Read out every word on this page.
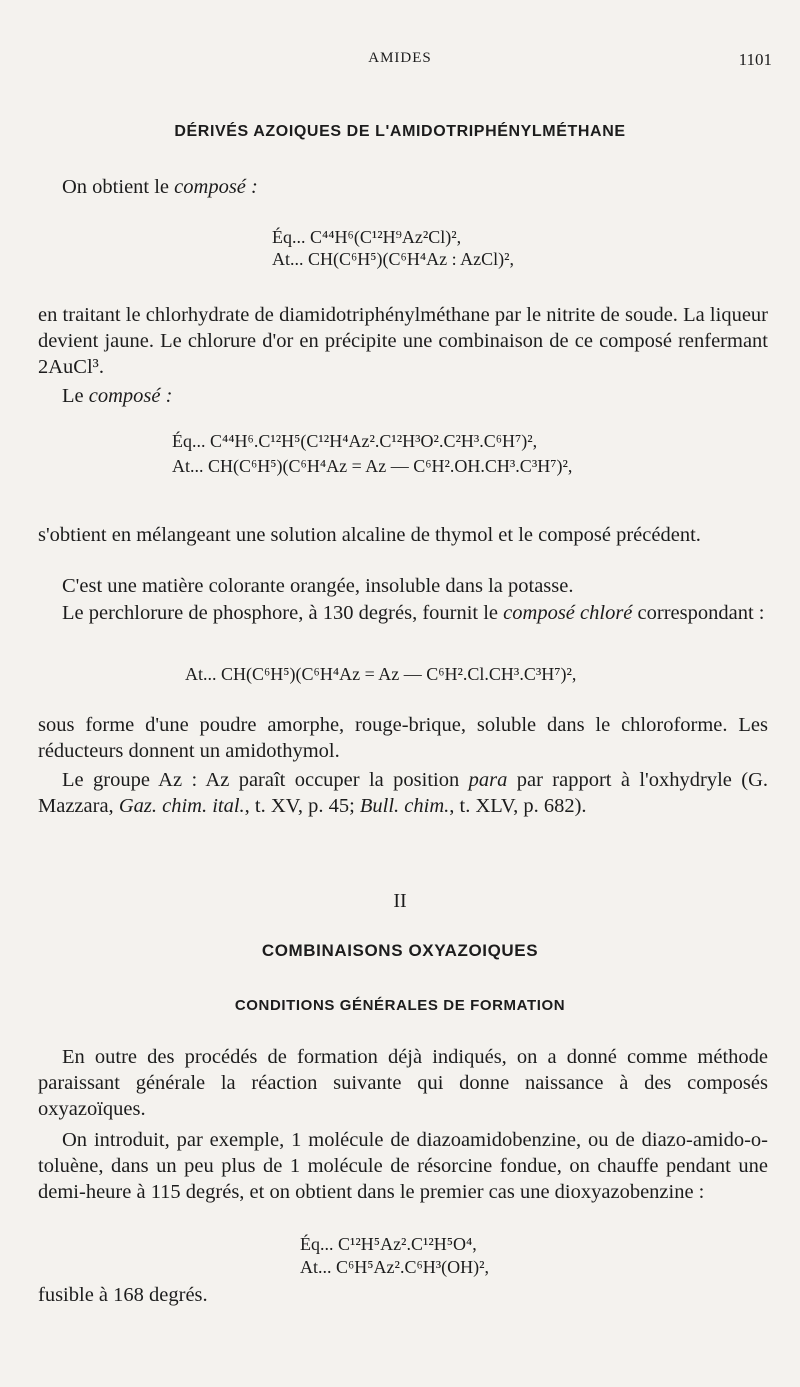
AMIDES	1101
DÉRIVÉS AZOIQUES DE L'AMIDOTRIPHÉNYLMÉTHANE
On obtient le composé :
Éq... C⁴⁴H⁶(C¹²H⁹Az²Cl)²,
At... CH(C⁶H⁵)(C⁶H⁴Az : AzCl)²,
en traitant le chlorhydrate de diamidotriphénylméthane par le nitrite de soude. La liqueur devient jaune. Le chlorure d'or en précipite une combinaison de ce composé renfermant 2AuCl³.
Le composé :
Éq... C⁴⁴H⁶.C¹²H⁵(C¹²H⁴Az².C¹²H³O².C²H³.C⁶H⁷)²,
At... CH(C⁶H⁵)(C⁶H⁴Az = Az — C⁶H².OH.CH³.C³H⁷)²,
s'obtient en mélangeant une solution alcaline de thymol et le composé précédent.
C'est une matière colorante orangée, insoluble dans la potasse.
Le perchlorure de phosphore, à 130 degrés, fournit le composé chloré correspondant :
At... CH(C⁶H⁵)(C⁶H⁴Az = Az — C⁶H².Cl.CH³.C³H⁷)²,
sous forme d'une poudre amorphe, rouge-brique, soluble dans le chloroforme. Les réducteurs donnent un amidothymol.
Le groupe Az : Az paraît occuper la position para par rapport à l'oxhydryle (G. Mazzara, Gaz. chim. ital., t. XV, p. 45; Bull. chim., t. XLV, p. 682).
II
COMBINAISONS OXYAZOIQUES
CONDITIONS GÉNÉRALES DE FORMATION
En outre des procédés de formation déjà indiqués, on a donné comme méthode paraissant générale la réaction suivante qui donne naissance à des composés oxyazoïques.
On introduit, par exemple, 1 molécule de diazoamidobenzine, ou de diazo-amido-o-toluène, dans un peu plus de 1 molécule de résorcine fondue, on chauffe pendant une demi-heure à 115 degrés, et on obtient dans le premier cas une dioxyazobenzine :
Éq... C¹²H⁵Az².C¹²H⁵O⁴,
At... C⁶H⁵Az².C⁶H³(OH)²,
fusible à 168 degrés.
